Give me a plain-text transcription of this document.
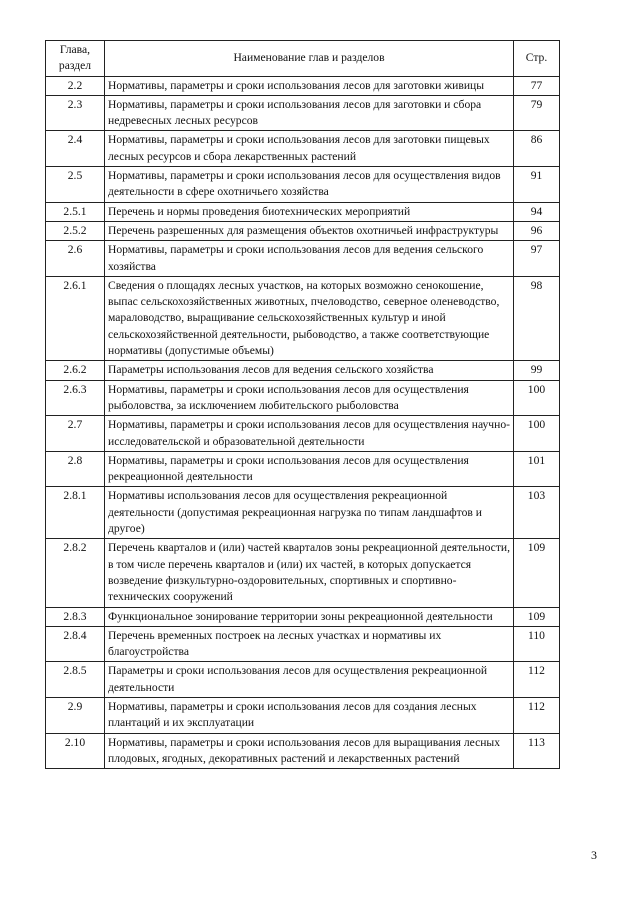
Глава, раздел	Наименование глав и разделов	Стр.
2.2	Нормативы, параметры и сроки использования лесов для заготовки живицы	77
2.3	Нормативы, параметры и сроки использования лесов для заготовки и сбора недревесных лесных ресурсов	79
2.4	Нормативы, параметры и сроки использования лесов для заготовки пищевых лесных ресурсов и сбора лекарственных растений	86
2.5	Нормативы, параметры и сроки использования лесов для осуществления видов деятельности в сфере охотничьего хозяйства	91
2.5.1	Перечень и нормы проведения биотехнических мероприятий	94
2.5.2	Перечень разрешенных для размещения объектов охотничьей инфраструктуры	96
2.6	Нормативы, параметры и сроки использования лесов для ведения сельского хозяйства	97
2.6.1	Сведения о площадях лесных участков, на которых возможно сенокошение, выпас сельскохозяйственных животных, пчеловодство, северное оленеводство, мараловодство, выращивание сельскохозяйственных культур и иной сельскохозяйственной деятельности, рыбоводство, а также соответствующие нормативы (допустимые объемы)	98
2.6.2	Параметры использования лесов для ведения сельского хозяйства	99
2.6.3	Нормативы, параметры и сроки использования лесов для осуществления рыболовства, за исключением любительского рыболовства	100
2.7	Нормативы, параметры и сроки использования лесов для осуществления научно-исследовательской и образовательной деятельности	100
2.8	Нормативы, параметры и сроки использования лесов для осуществления рекреационной деятельности	101
2.8.1	Нормативы использования лесов для осуществления рекреационной деятельности (допустимая рекреационная нагрузка по типам ландшафтов и другое)	103
2.8.2	Перечень кварталов и (или) частей кварталов зоны рекреационной деятельности, в том числе перечень кварталов и (или) их частей, в которых допускается возведение физкультурно-оздоровительных, спортивных и спортивно-технических сооружений	109
2.8.3	Функциональное зонирование территории зоны рекреационной деятельности	109
2.8.4	Перечень временных построек на лесных участках и нормативы их благоустройства	110
2.8.5	Параметры и сроки использования лесов для осуществления рекреационной деятельности	112
2.9	Нормативы, параметры и сроки использования лесов для создания лесных плантаций и их эксплуатации	112
2.10	Нормативы, параметры и сроки использования лесов для выращивания лесных плодовых, ягодных, декоративных растений и лекарственных растений	113
3
